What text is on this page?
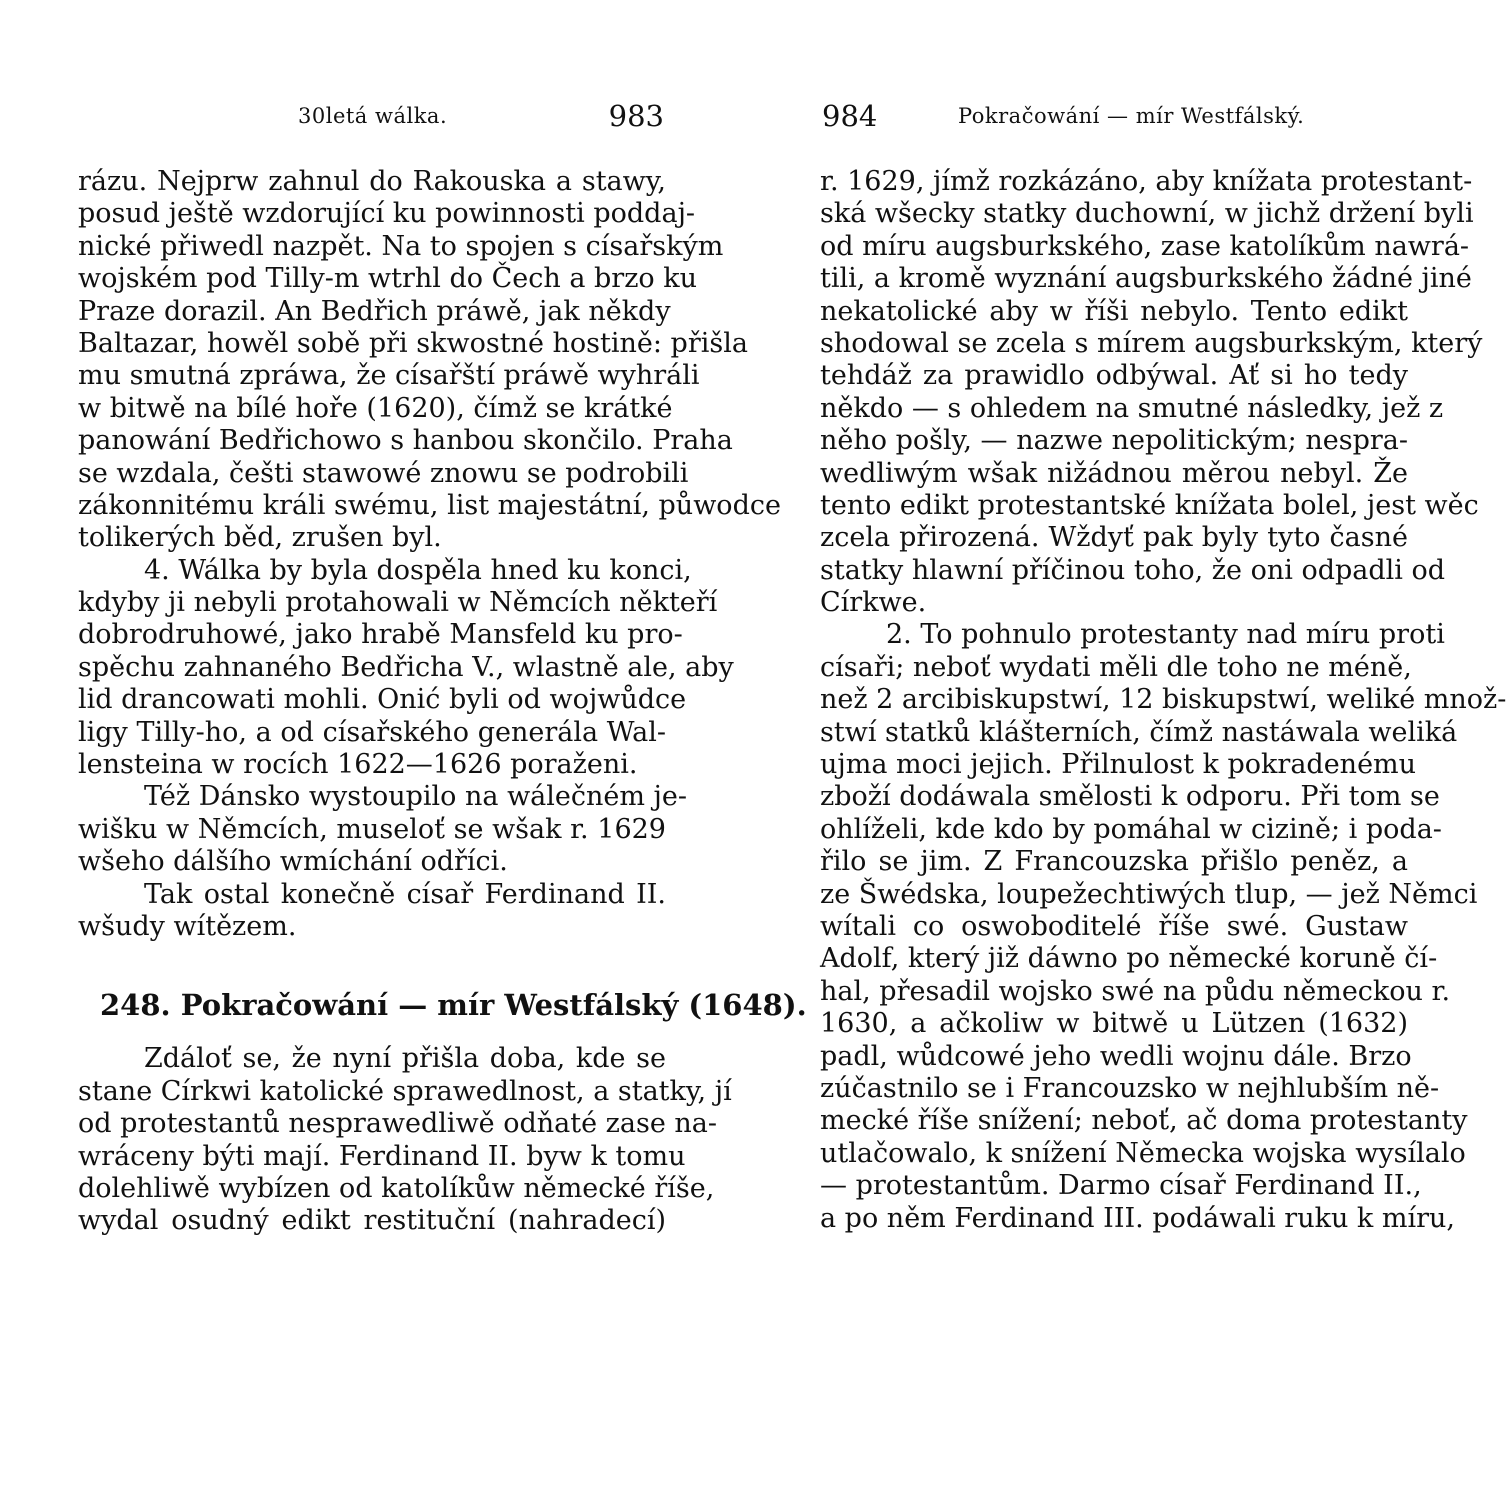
30letá wálka.	983	984	Pokračowání — mír Westfálský.
rázu. Nejprw zahnul do Rakouska a stawy,
posud ještě wzdorující ku powinnosti poddaj-
nické přiwedl nazpět. Na to spojen s císařským
wojském pod Tilly-m wtrhl do Čech a brzo ku
Praze dorazil. An Bedřich práwě, jak někdy
Baltazar, howěl sobě při skwostné hostině: přišla
mu smutná zpráwa, že císařští práwě wyhráli
w bitwě na bílé hoře (1620), čímž se krátké
panowání Bedřichowo s hanbou skončilo. Praha
se wzdala, češti stawowé znowu se podrobili
zákonnitému králi swému, list majestátní, půwodce
tolikerých běd, zrušen byl.
4. Wálka by byla dospěla hned ku konci,
kdyby ji nebyli protahowali w Němcích někteří
dobrodruhowé, jako hrabě Mansfeld ku pro-
spěchu zahnaného Bedřicha V., wlastně ale, aby
lid drancowati mohli. Onić byli od wojwůdce
ligy Tilly-ho, a od císařského generála Wal-
lensteina w rocích 1622—1626 poraženi.
Též Dánsko wystoupilo na wálečném je-
wišku w Němcích, museloť se wšak r. 1629
wšeho dálšího wmíchání odříci.
Tak ostal konečně císař Ferdinand II.
wšudy wítězem.
248. Pokračowání — mír Westfálský (1648).
Zdáloť se, že nyní přišla doba, kde se
stane Církwi katolické sprawedlnost, a statky, jí
od protestantů nesprawedliwě odňaté zase na-
wráceny býti mají. Ferdinand II. byw k tomu
dolehliwě wybízen od katolíkůw německé říše,
wydal osudný edikt restituční (nahradecí)
r. 1629, jímž rozkázáno, aby knížata protestant-
ská wšecky statky duchowní, w jichž držení byli
od míru augsburkského, zase katolíkům nawrá-
tili, a kromě wyznání augsburkského žádné jiné
nekatolické aby w říši nebylo. Tento edikt
shodowal se zcela s mírem augsburkským, který
tehdáž za prawidlo odbýwal. Ať si ho tedy
někdo — s ohledem na smutné následky, jež z
něho pošly, — nazwe nepolitickým; nespra-
wedliwým wšak nižádnou měrou nebyl. Že
tento edikt protestantské knížata bolel, jest wěc
zcela přirozená. Wždyť pak byly tyto časné
statky hlawní příčinou toho, že oni odpadli od
Církwe.
2. To pohnulo protestanty nad míru proti
císaři; neboť wydati měli dle toho ne méně,
než 2 arcibiskupstwí, 12 biskupstwí, weliké množ-
stwí statků klášterních, čímž nastáwala weliká
ujma moci jejich. Přilnulost k pokradenému
zboží dodáwala smělosti k odporu. Při tom se
ohlíželi, kde kdo by pomáhal w cizině; i poda-
řilo se jim. Z Francouzska přišlo peněz, a
ze Šwédska, loupežechtiwých tlup, — jež Němci
wítali co oswoboditelé říše swé. Gustaw
Adolf, který již dáwno po německé koruně čí-
hal, přesadil wojsko swé na půdu německou r.
1630, a ačkoliw w bitwě u Lützen (1632)
padl, wůdcowé jeho wedli wojnu dále. Brzo
zúčastnilo se i Francouzsko w nejhlubším ně-
mecké říše snížení; neboť, ač doma protestanty
utlačowalo, k snížení Německa wojska wysílalo
— protestantům. Darmo císař Ferdinand II.,
a po něm Ferdinand III. podáwali ruku k míru,
